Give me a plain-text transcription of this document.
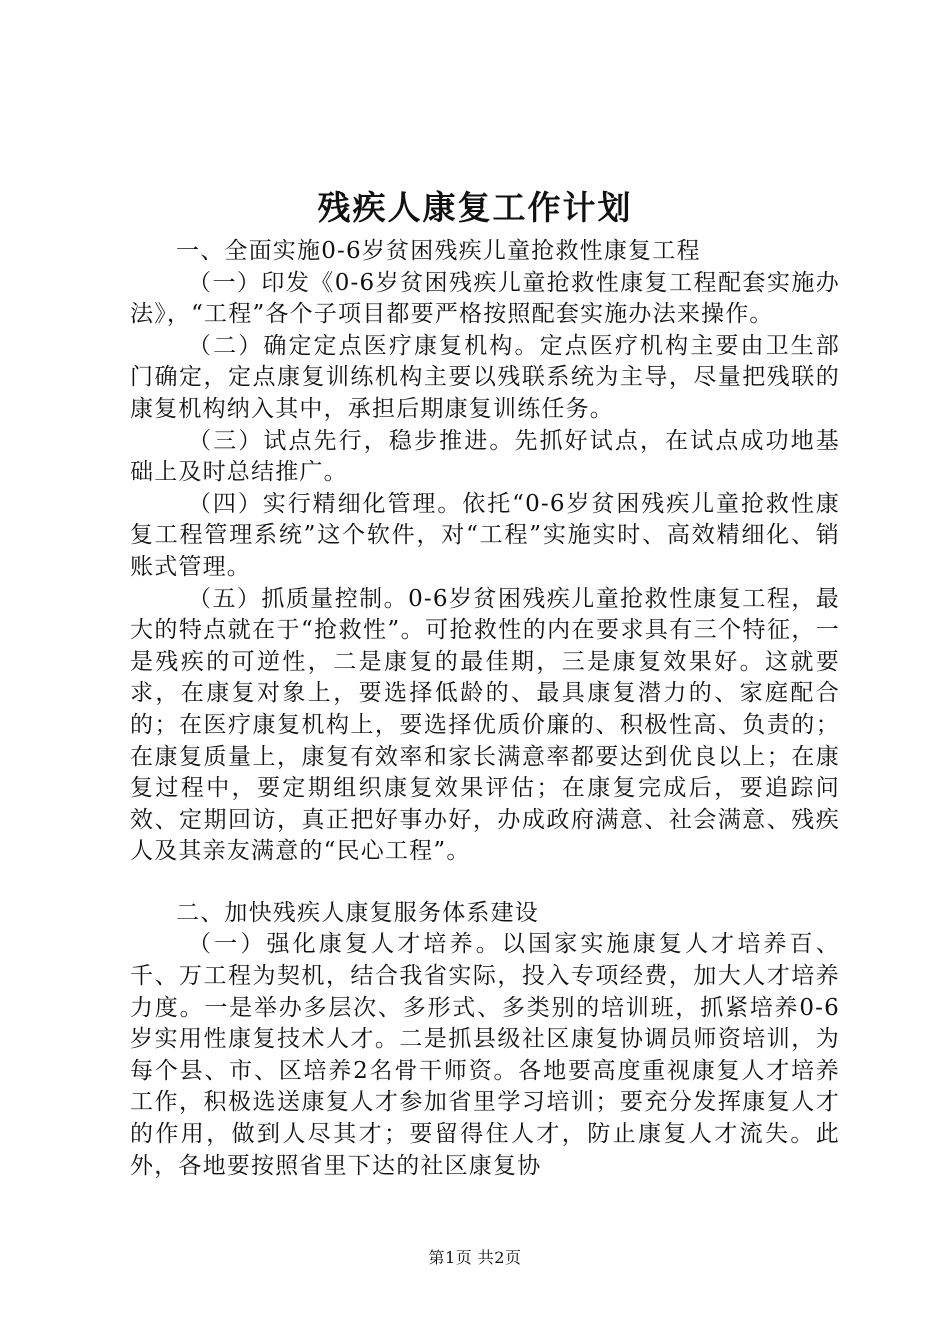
残疾人康复工作计划

一、全面实施0-6岁贫困残疾儿童抢救性康复工程

（一）印发《0-6岁贫困残疾儿童抢救性康复工程配套实施办法》，“工程”各个子项目都要严格按照配套实施办法来操作。

（二）确定定点医疗康复机构。定点医疗机构主要由卫生部门确定，定点康复训练机构主要以残联系统为主导，尽量把残联的康复机构纳入其中，承担后期康复训练任务。

（三）试点先行，稳步推进。先抓好试点，在试点成功地基础上及时总结推广。

（四）实行精细化管理。依托“0-6岁贫困残疾儿童抢救性康复工程管理系统”这个软件，对“工程”实施实时、高效精细化、销账式管理。

（五）抓质量控制。0-6岁贫困残疾儿童抢救性康复工程，最大的特点就在于“抢救性”。可抢救性的内在要求具有三个特征，一是残疾的可逆性，二是康复的最佳期，三是康复效果好。这就要求，在康复对象上，要选择低龄的、最具康复潜力的、家庭配合的；在医疗康复机构上，要选择优质价廉的、积极性高、负责的；在康复质量上，康复有效率和家长满意率都要达到优良以上；在康复过程中，要定期组织康复效果评估；在康复完成后，要追踪问效、定期回访，真正把好事办好，办成政府满意、社会满意、残疾人及其亲友满意的“民心工程”。

二、加快残疾人康复服务体系建设

（一）强化康复人才培养。以国家实施康复人才培养百、千、万工程为契机，结合我省实际，投入专项经费，加大人才培养力度。一是举办多层次、多形式、多类别的培训班，抓紧培养0-6岁实用性康复技术人才。二是抓县级社区康复协调员师资培训，为每个县、市、区培养2名骨干师资。各地要高度重视康复人才培养工作，积极选送康复人才参加省里学习培训；要充分发挥康复人才的作用，做到人尽其才；要留得住人才，防止康复人才流失。此外，各地要按照省里下达的社区康复协

第1页 共2页
